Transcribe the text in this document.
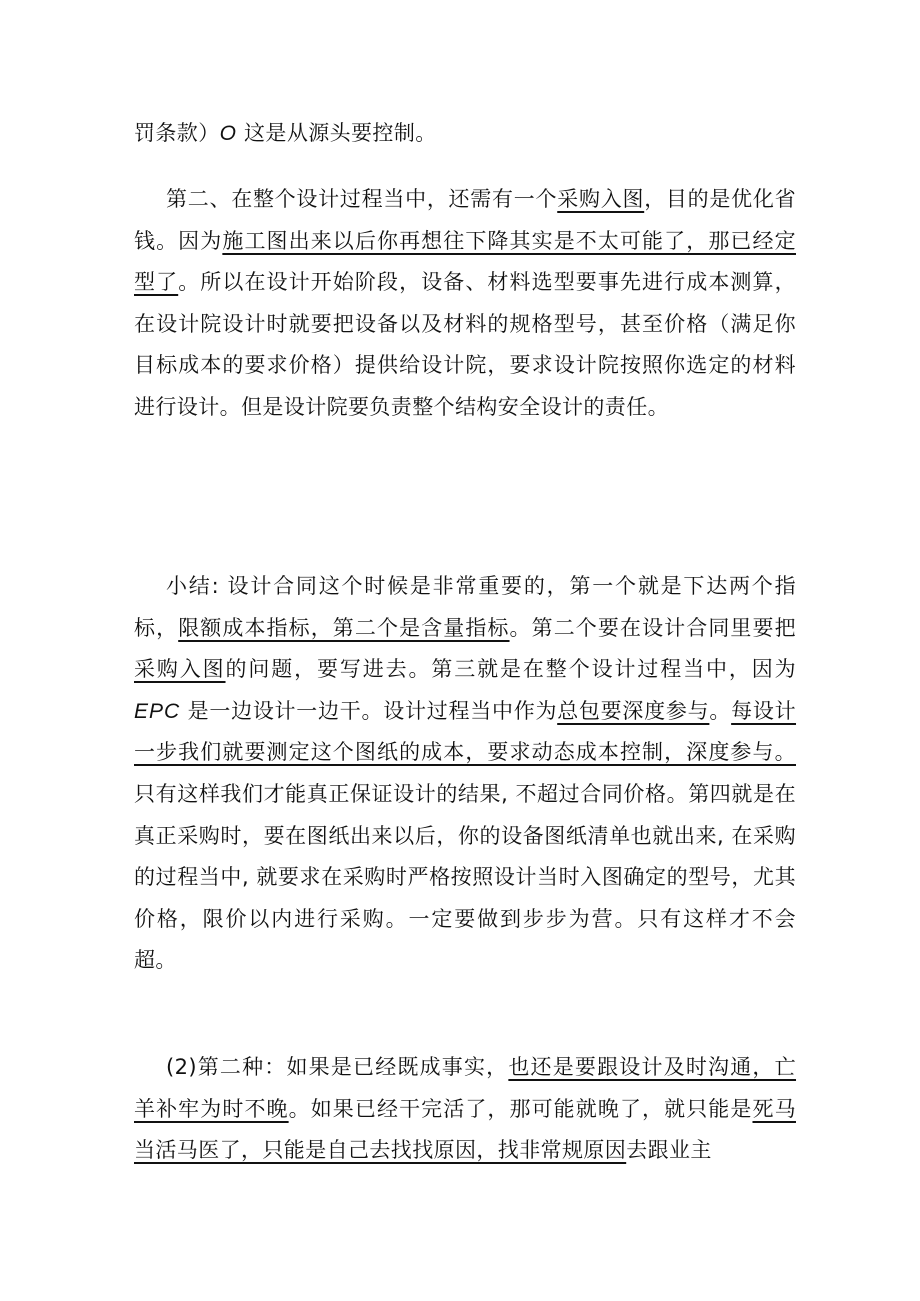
罚条款）O 这是从源头要控制。

第二、在整个设计过程当中，还需有一个采购入图，目的是优化省钱。因为施工图出来以后你再想往下降其实是不太可能了，那已经定型了。所以在设计开始阶段，设备、材料选型要事先进行成本测算，在设计院设计时就要把设备以及材料的规格型号，甚至价格（满足你目标成本的要求价格）提供给设计院，要求设计院按照你选定的材料进行设计。但是设计院要负责整个结构安全设计的责任。

小结: 设计合同这个时候是非常重要的，第一个就是下达两个指标，限额成本指标，第二个是含量指标。第二个要在设计合同里要把采购入图的问题，要写进去。第三就是在整个设计过程当中，因为 EPC 是一边设计一边干。设计过程当中作为总包要深度参与。每设计一步我们就要测定这个图纸的成本，要求动态成本控制，深度参与。只有这样我们才能真正保证设计的结果, 不超过合同价格。第四就是在真正采购时，要在图纸出来以后，你的设备图纸清单也就出来, 在采购的过程当中, 就要求在采购时严格按照设计当时入图确定的型号，尤其价格，限价以内进行采购。一定要做到步步为营。只有这样才不会超。

(2)第二种：如果是已经既成事实，也还是要跟设计及时沟通，亡羊补牢为时不晚。如果已经干完活了，那可能就晚了，就只能是死马当活马医了，只能是自己去找找原因，找非常规原因去跟业主
